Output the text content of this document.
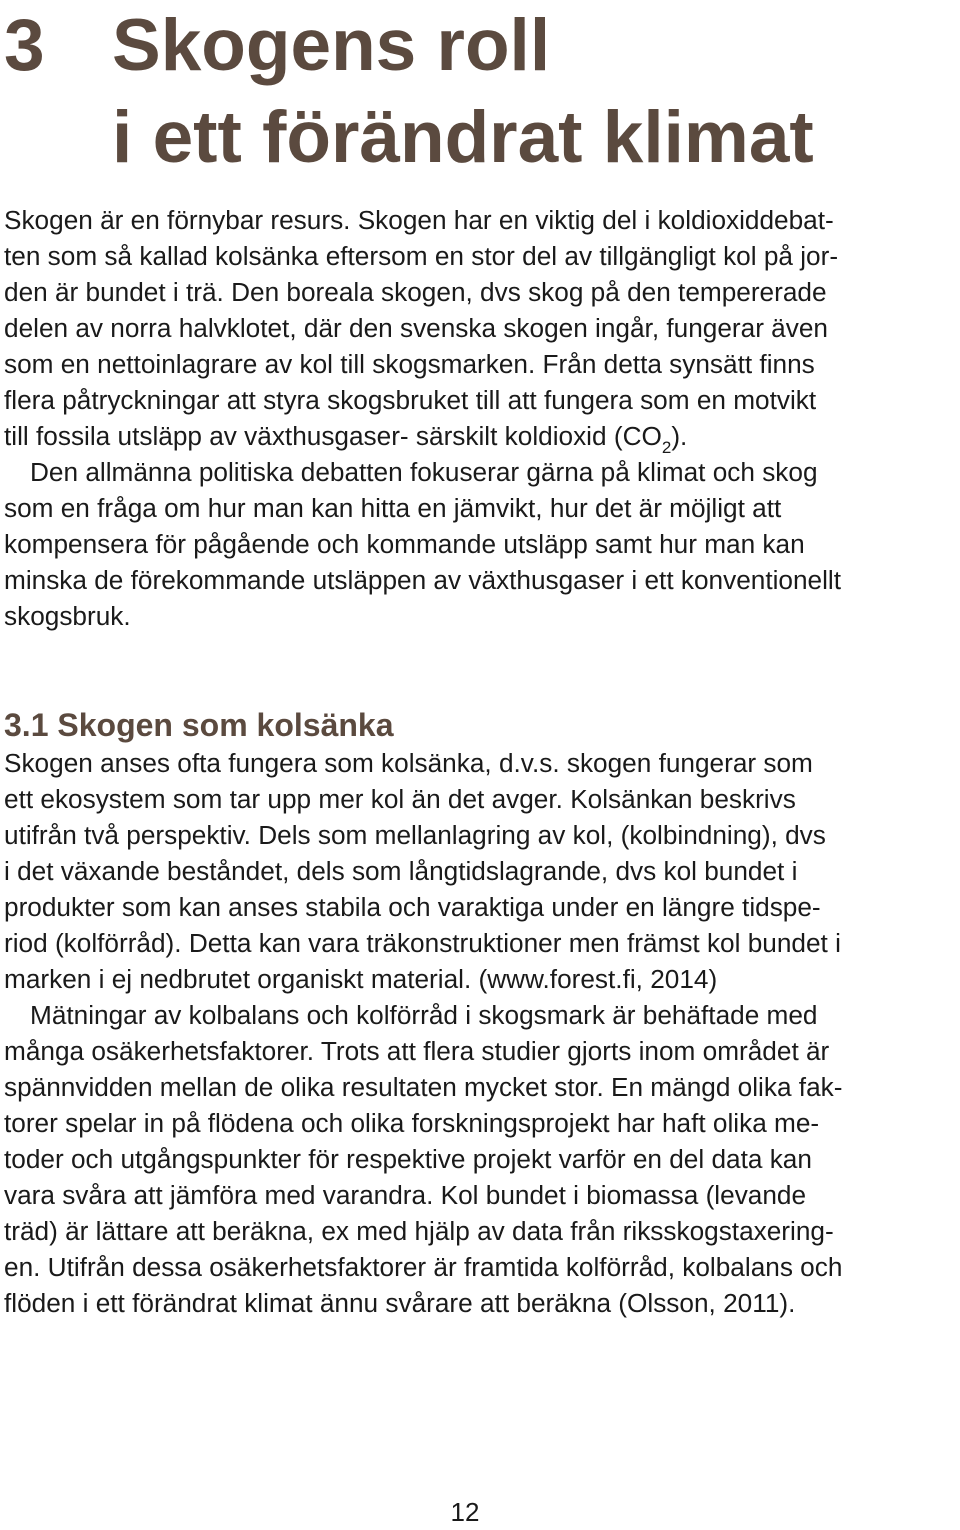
3 Skogens roll
i ett förändrat klimat
Skogen är en förnybar resurs. Skogen har en viktig del i koldioxiddebat-
ten som så kallad kolsänka eftersom en stor del av tillgängligt kol på jor-
den är bundet i trä. Den boreala skogen, dvs skog på den tempererade
delen av norra halvklotet, där den svenska skogen ingår, fungerar även
som en nettoinlagrare av kol till skogsmarken. Från detta synsätt finns
flera påtryckningar att styra skogsbruket till att fungera som en motvikt
till fossila utsläpp av växthusgaser- särskilt koldioxid $(CO_2)$.
Den allmänna politiska debatten fokuserar gärna på klimat och skog
som en fråga om hur man kan hitta en jämvikt, hur det är möjligt att
kompensera för pågående och kommande utsläpp samt hur man kan
minska de förekommande utsläppen av växthusgaser i ett konventionellt
skogsbruk.
3.1 Skogen som kolsänka
Skogen anses ofta fungera som kolsänka, d.v.s. skogen fungerar som
ett ekosystem som tar upp mer kol än det avger. Kolsänkan beskrivs
utifrån två perspektiv. Dels som mellanlagring av kol, (kolbindning), dvs
i det växande beståndet, dels som långtidslagrande, dvs kol bundet i
produkter som kan anses stabila och varaktiga under en längre tidspe-
riod (kolförråd). Detta kan vara träkonstruktioner men främst kol bundet i
marken i ej nedbrutet organiskt material. (www.forest.fi, 2014)
Mätningar av kolbalans och kolförråd i skogsmark är behäftade med
många osäkerhetsfaktorer. Trots att flera studier gjorts inom området är
spännvidden mellan de olika resultaten mycket stor. En mängd olika fak-
torer spelar in på flödena och olika forskningsprojekt har haft olika me-
toder och utgångspunkter för respektive projekt varför en del data kan
vara svåra att jämföra med varandra. Kol bundet i biomassa (levande
träd) är lättare att beräkna, ex med hjälp av data från riksskogstaxering-
en. Utifrån dessa osäkerhetsfaktorer är framtida kolförråd, kolbalans och
flöden i ett förändrat klimat ännu svårare att beräkna (Olsson, 2011).
12
